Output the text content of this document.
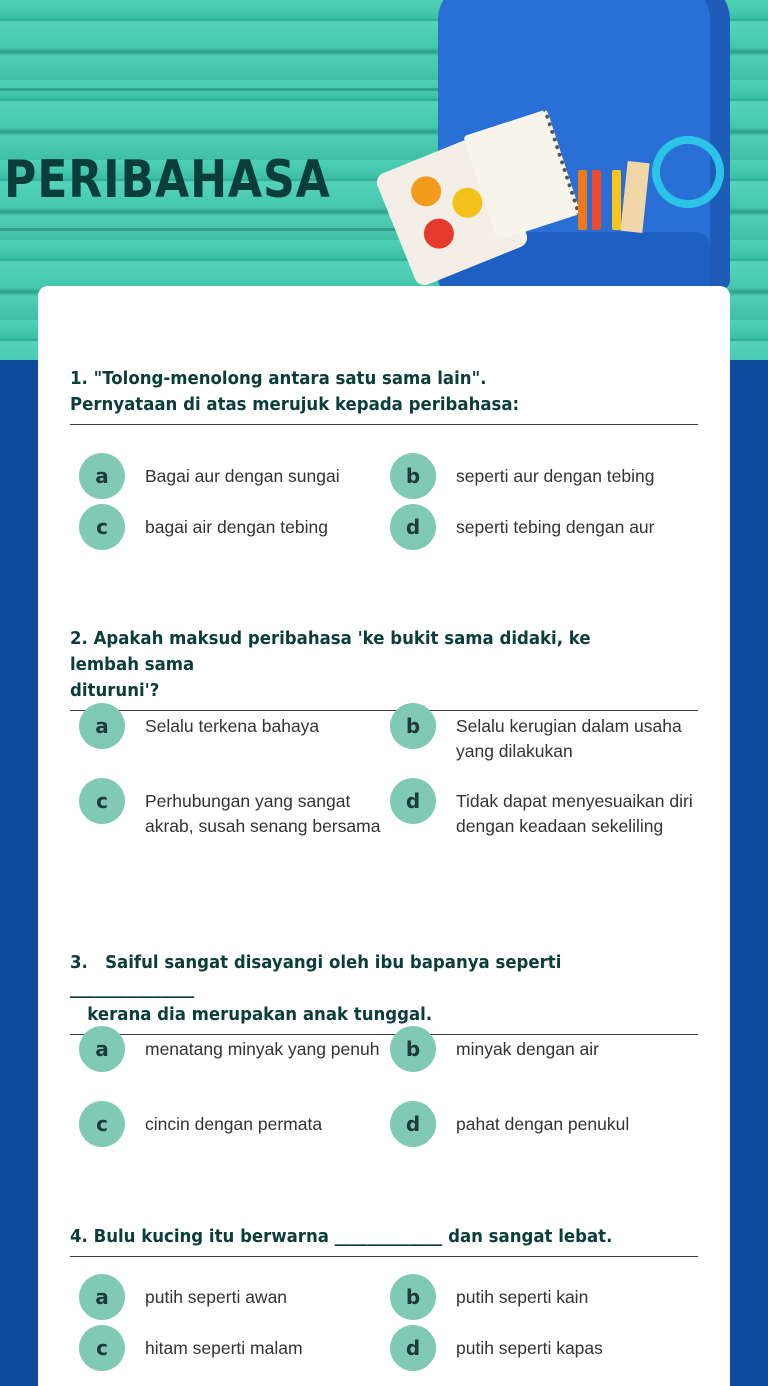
PERIBAHASA
1. "Tolong-menolong antara satu sama lain".
Pernyataan di atas merujuk kepada peribahasa:
a	Bagai aur dengan sungai	b	seperti aur dengan tebing
c	bagai air dengan tebing	d	seperti tebing dengan aur
2. Apakah maksud peribahasa 'ke bukit sama didaki, ke lembah sama
dituruni'?
a	Selalu terkena bahaya	b	Selalu kerugian dalam usaha yang dilakukan
c	Perhubungan yang sangat akrab, susah senang bersama
d	Tidak dapat menyesuaikan diri dengan keadaan sekeliling
3.   Saiful sangat disayangi oleh ibu bapanya seperti _______________
kerana dia merupakan anak tunggal.
a	menatang minyak yang penuh	b	minyak dengan air
c	cincin dengan permata	d	pahat dengan penukul
4. Bulu kucing itu berwarna _____________ dan sangat lebat.
a	putih seperti awan	b	putih seperti kain
c	hitam seperti malam	d	putih seperti kapas
